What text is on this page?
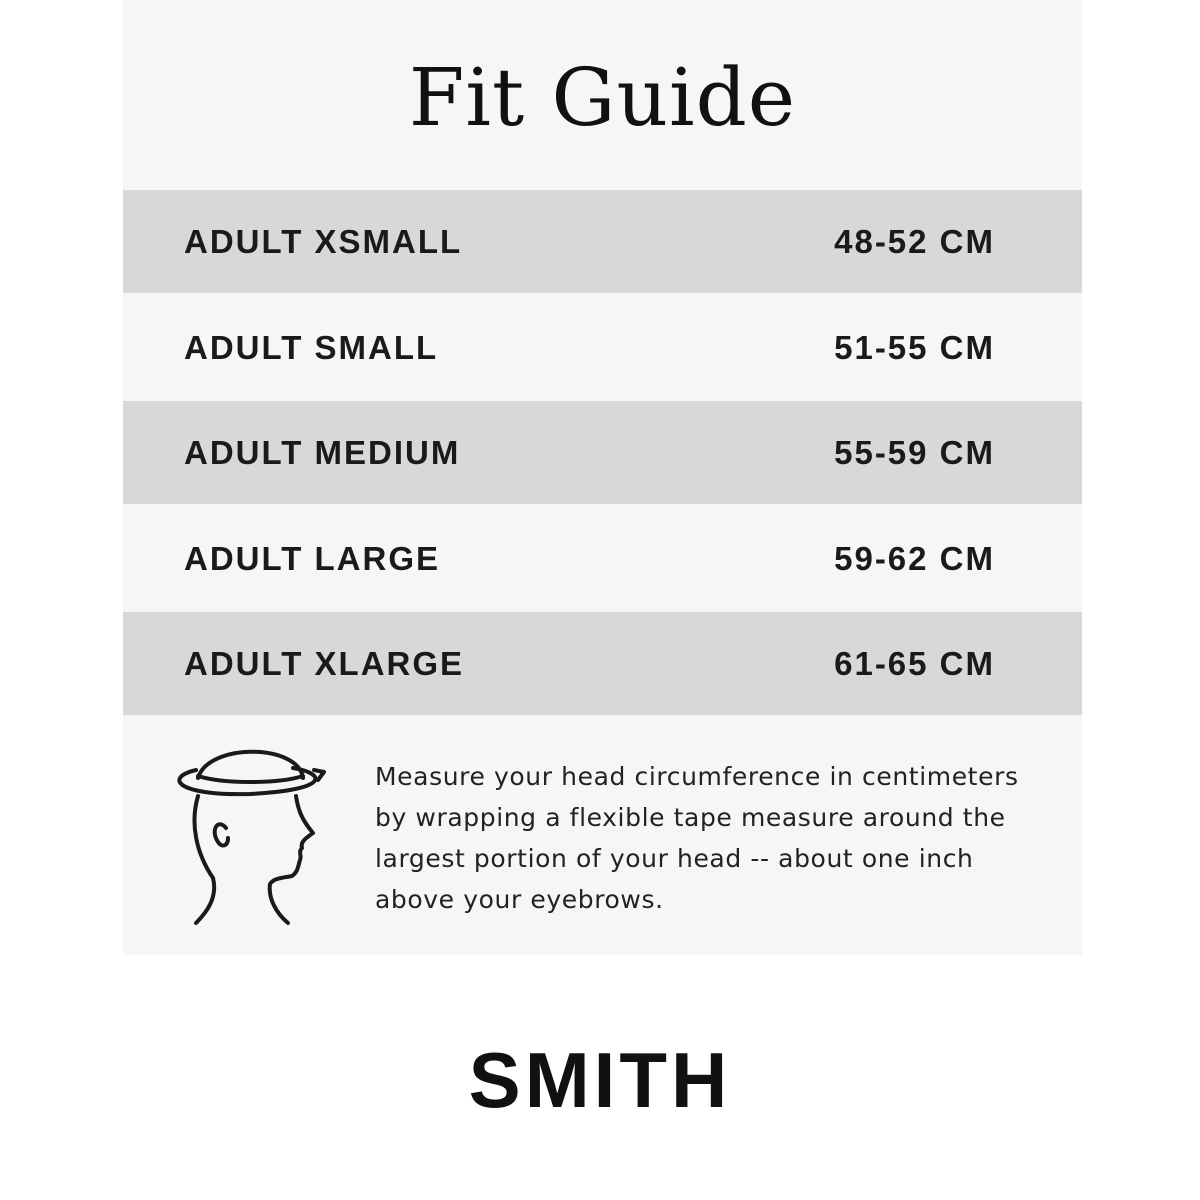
Fit Guide
ADULT XSMALL	48-52 CM
ADULT SMALL	51-55 CM
ADULT MEDIUM	55-59 CM
ADULT LARGE	59-62 CM
ADULT XLARGE	61-65 CM
Measure your head circumference in centimeters by wrapping a flexible tape measure around the largest portion of your head -- about one inch above your eyebrows.
SMITH
